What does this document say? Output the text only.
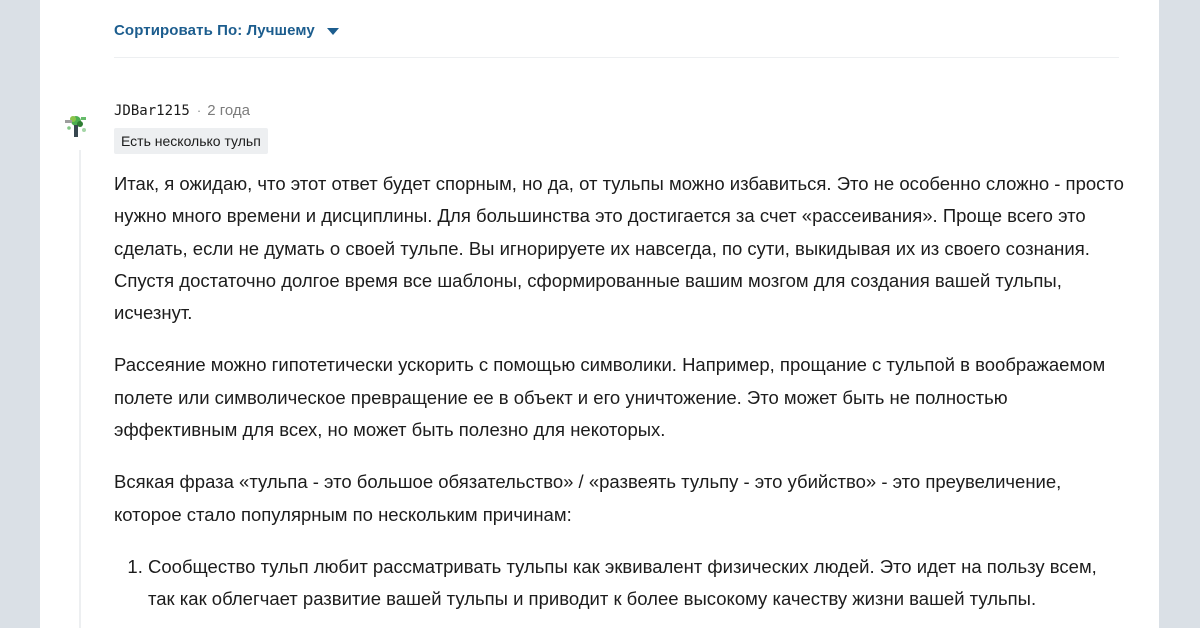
Сортировать По: Лучшему
JDBar1215 · 2 года
Есть несколько тульп

Итак, я ожидаю, что этот ответ будет спорным, но да, от тульпы можно избавиться. Это не особенно сложно - просто нужно много времени и дисциплины. Для большинства это достигается за счет «рассеивания». Проще всего это сделать, если не думать о своей тульпе. Вы игнорируете их навсегда, по сути, выкидывая их из своего сознания. Спустя достаточно долгое время все шаблоны, сформированные вашим мозгом для создания вашей тульпы, исчезнут.

Рассеяние можно гипотетически ускорить с помощью символики. Например, прощание с тульпой в воображаемом полете или символическое превращение ее в объект и его уничтожение. Это может быть не полностью эффективным для всех, но может быть полезно для некоторых.

Всякая фраза «тульпа - это большое обязательство» / «развеять тульпу - это убийство» - это преувеличение, которое стало популярным по нескольким причинам:

1. Сообщество тульп любит рассматривать тульпы как эквивалент физических людей. Это идет на пользу всем, так как облегчает развитие вашей тульпы и приводит к более высокому качеству жизни вашей тульпы.
